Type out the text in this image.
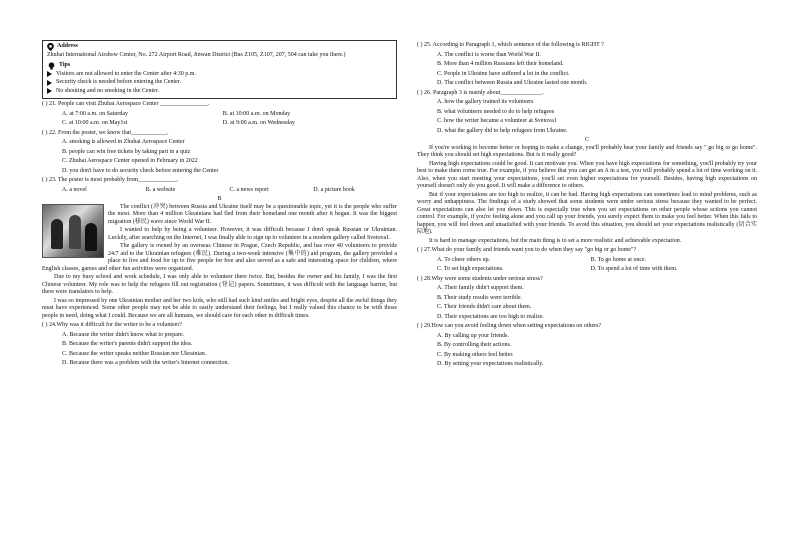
Address

Zhuhai International Airshow Center, No. 272 Airport Road, Jinwan District (Bus Z105, Z107, 207, 504 can take you there.)

Tips
Visitors are not allowed to enter the Center after 4:30 p.m.
Security check is needed before entering the Center.
No shouting and no smoking in the Center.

( ) 21. People can visit Zhuhai Aerospace Center ________________.

A. at 7:00 a.m. on Saturday	B. at 10:00 a.m. on Monday
C. at 10:00 a.m. on May1st	D. at 9:00 a.m. on Wednesday

( ) 22. From the poster, we know that____________.

A. smoking is allowed in Zhuhai Aerospace Center

B. people can win free tickets by taking part in a quiz

C. Zhuhai Aerospace Center opened in February in 2022

D. you don't have to do security check before entering the Center

( ) 23. The poster is most probably from_____________.

A. a novel	B. a website	C. a news report	D. a picture book

B

The conflict (冲突) between Russia and Ukraine itself may be a questionable topic, yet it is the people who suffer the most. More than 4 million Ukrainians had fled from their homeland one month after it began. It was the biggest migration (移民) wave since World War II.

I wanted to help by being a volunteer. However, it was difficult because I don't speak Russian or Ukrainian. Luckily, after searching on the Internet, I was finally able to sign up to volunteer in a modern gallery called Svetova1.

The gallery is owned by an overseas Chinese in Prague, Czech Republic, and has over 40 volunteers to provide 24/7 aid to the Ukrainian refugees (难民). During a two-week intensive (集中的) aid program, the gallery provided a place to live and food for up to five people for free and also served as a safe and interesting space for children, where English classes, games and other fun activities were organized.

Due to my busy school and work schedule, I was only able to volunteer there twice. But, besides the owner and his family, I was the first Chinese volunteer. My role was to help the refugees fill out registration (登记) papers. Sometimes, it was difficult with the language barrier, but there were translators to help.

I was so impressed by one Ukrainian mother and her two kids, who still had such kind smiles and bright eyes, despite all the awful things they must have experienced. Some other people may not be able to easily understand their feelings, but I really valued this chance to be with those people in need, doing what I could. Because we are all humans, we should care for each other in difficult times.

( ) 24.Why was it difficult for the writer to be a volunteer?

A. Because the writer didn't know what to prepare.

B. Because the writer's parents didn't support the idea.

C. Because the writer speaks neither Russian nor Ukrainian.

D. Because there was a problem with the writer's Internet connection.

( ) 25. According to Paragraph 1, which sentence of the following is RIGHT ?

A. The conflict is worse than World War II.

B. More than 4 million Russians left their homeland.

C. People in Ukraine have suffered a lot in the conflict.

D. The conflict between Russia and Ukraine lasted one month.

( ) 26. Paragraph 3 is mainly about______________.

A. how the gallery trained its volunteers

B. what volunteers needed to do to help refugees

C. how the writer became a volunteer at Svetova1

D. what the gallery did to help refugees from Ukraine.

C

If you're working to become better or hoping to make a change, you'll probably hear your family and friends say " go big or go home". They think you should set high expectations. But is it really good?

Having high expectations could be good. It can motivate you. When you have high expectations for something, you'll probably try your best to make them come true. For example, if you believe that you can get an A in a test, you will probably spend a lot of time working on it. Also, when you start meeting your expectations, you'll set even higher expectations for yourself. Besides, having high expectations on yourself doesn't only do you good. It will make a difference to others.

But if your expectations are too high to realize, it can be bad. Having high expectations can sometimes lead to mind problems, such as worry and unhappiness. The findings of a study showed that some students were under serious stress because they wanted to be perfect. Great expectations can also let you down. This is especially true when you set expectations on other people whose actions you cannot control. For example, if you're feeling alone and you call up your friends, you surely expect them to make you feel better. When this fails to happen, you will feel down and unsatisfied with your friends. To avoid this situation, you should set your expectations realistically (切合实际地).

It is hard to manage expectations, but the main thing is to set a more realistic and achievable expectation.

( ) 27.What do your family and friends want you to do when they say "go big or go home"?

A. To cheer others up.	B. To go home at once.
C. To set high expectations.	D. To spend a lot of time with them.

( ) 28.Why were some students under serious stress?

A. Their family didn't support them.

B. Their study results were terrible.

C. Their friends didn't care about them.

D. Their expectations are too high to realize.

( ) 29.How can you avoid feeling down when setting expectations on others?

A. By calling up your friends.

B. By controlling their actions.

C. By making others feel better.

D. By setting your expectations realistically.
